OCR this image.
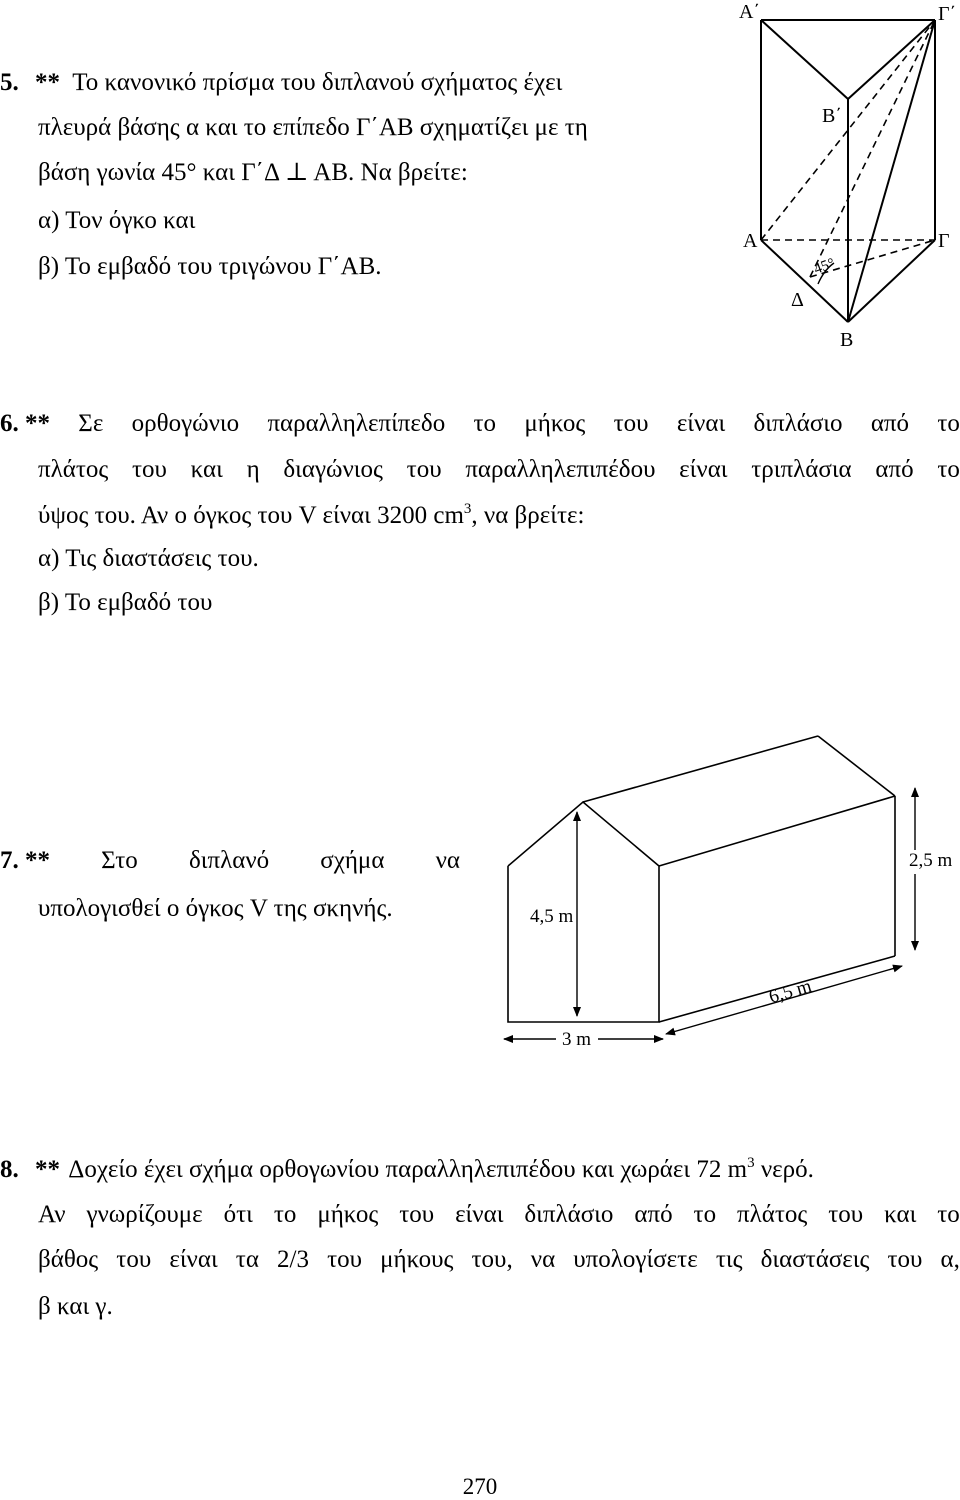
5. ** Το κανονικό πρίσμα του διπλανού σχήματος έχει
πλευρά βάσης α και το επίπεδο Γ΄ΑΒ σχηματίζει με τη
βάση γωνία 45° και Γ΄Δ ⊥ ΑΒ. Να βρείτε:
α) Τον όγκο και
β) Το εμβαδό του τριγώνου Γ΄ΑΒ.
Α΄	Γ΄
Β΄
Α	Γ
Δ
Β
45°
6. ** Σε ορθογώνιο παραλληλεπίπεδο το μήκος του είναι διπλάσιο από το
πλάτος του και η διαγώνιος του παραλληλεπιπέδου είναι τριπλάσια από το
ύψος του. Αν ο όγκος του V είναι 3200 $cm^3$, να βρείτε:
α) Τις διαστάσεις του.
β) Το εμβαδό του
7. ** Στο διπλανό σχήμα να
υπολογισθεί ο όγκος V της σκηνής.	4,5 m
2,5 m
3 m
6,5 m
8. ** Δοχείο έχει σχήμα ορθογωνίου παραλληλεπιπέδου και χωράει 72 $m^3$ νερό.
Αν γνωρίζουμε ότι το μήκος του είναι διπλάσιο από το πλάτος του και το
βάθος του είναι τα 2/3 του μήκους του, να υπολογίσετε τις διαστάσεις του α,
β και γ.
270
